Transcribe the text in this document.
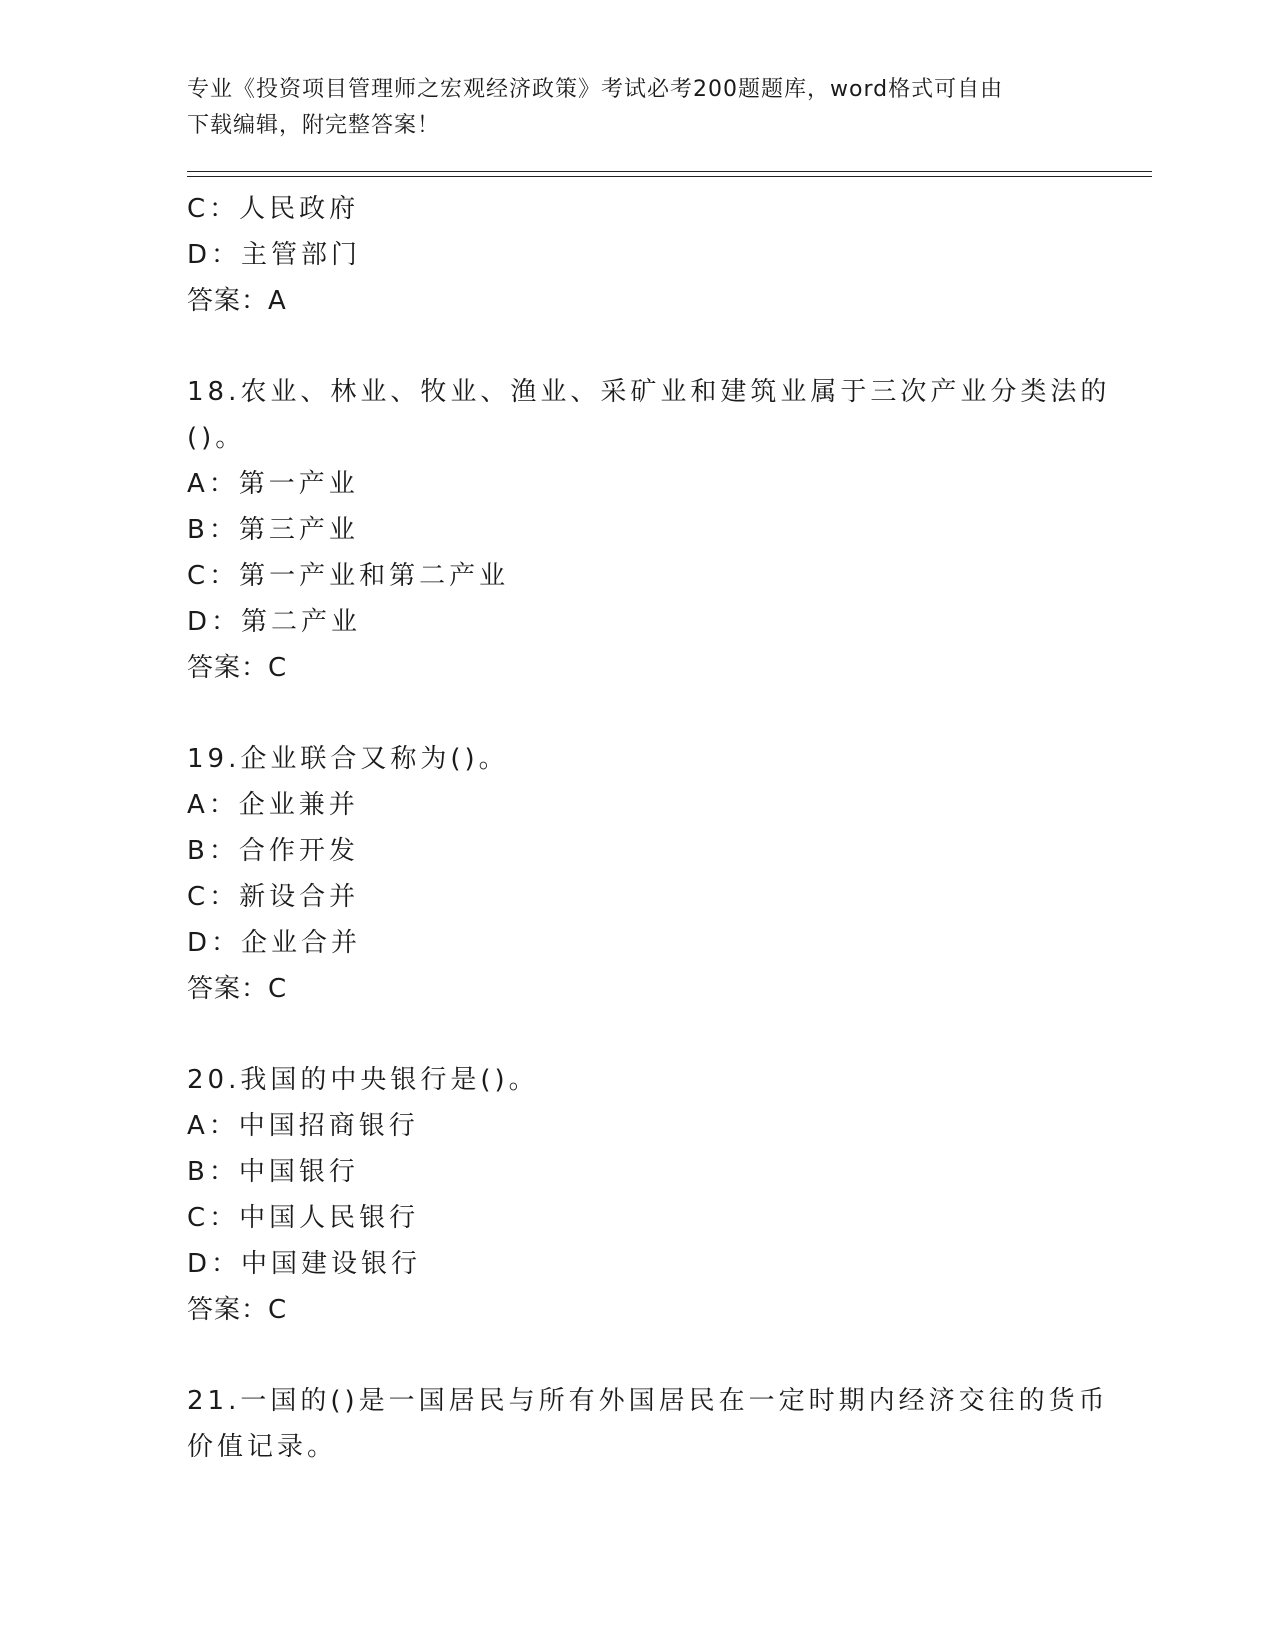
专业《投资项目管理师之宏观经济政策》考试必考200题题库，word格式可自由
下载编辑，附完整答案！
C：人民政府
D：主管部门
答案：A
18.农业、林业、牧业、渔业、采矿业和建筑业属于三次产业分类法的
()。
A：第一产业
B：第三产业
C：第一产业和第二产业
D：第二产业
答案：C
19.企业联合又称为()。
A：企业兼并
B：合作开发
C：新设合并
D：企业合并
答案：C
20.我国的中央银行是()。
A：中国招商银行
B：中国银行
C：中国人民银行
D：中国建设银行
答案：C
21.一国的()是一国居民与所有外国居民在一定时期内经济交往的货币
价值记录。
